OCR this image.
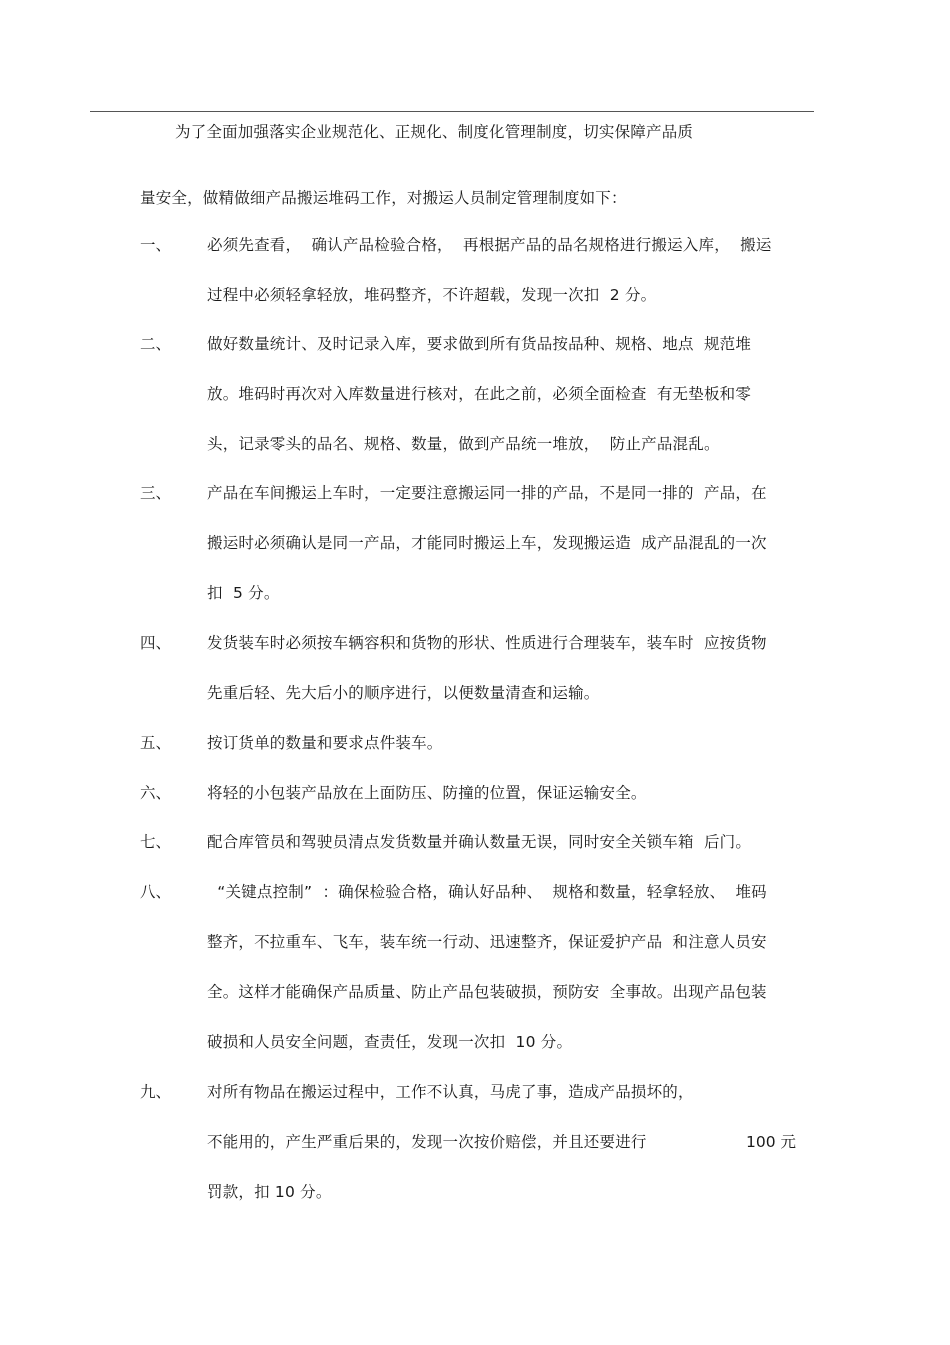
为了全面加强落实企业规范化、正规化、制度化管理制度，切实保障产品质
量安全，做精做细产品搬运堆码工作，对搬运人员制定管理制度如下：
一、 必须先查看，  确认产品检验合格，  再根据产品的品名规格进行搬运入库，  搬运
过程中必须轻拿轻放，堆码整齐，不许超载，发现一次扣  2 分。
二、 做好数量统计、及时记录入库，要求做到所有货品按品种、规格、地点  规范堆
放。堆码时再次对入库数量进行核对，在此之前，必须全面检查  有无垫板和零
头，记录零头的品名、规格、数量，做到产品统一堆放，  防止产品混乱。
三、 产品在车间搬运上车时，一定要注意搬运同一排的产品，不是同一排的  产品，在
搬运时必须确认是同一产品，才能同时搬运上车，发现搬运造  成产品混乱的一次
扣  5 分。
四、 发货装车时必须按车辆容积和货物的形状、性质进行合理装车，装车时  应按货物
先重后轻、先大后小的顺序进行，以便数量清查和运输。
五、 按订货单的数量和要求点件装车。
六、 将轻的小包装产品放在上面防压、防撞的位置，保证运输安全。
七、 配合库管员和驾驶员清点发货数量并确认数量无误，同时安全关锁车箱  后门。
八、 “关键点控制”  ：确保检验合格，确认好品种、  规格和数量，轻拿轻放、  堆码
整齐，不拉重车、飞车，装车统一行动、迅速整齐，保证爱护产品  和注意人员安
全。这样才能确保产品质量、防止产品包装破损，预防安  全事故。出现产品包装
破损和人员安全问题，查责任，发现一次扣  10 分。
九、 对所有物品在搬运过程中，工作不认真，马虎了事，造成产品损坏的，
不能用的，产生严重后果的，发现一次按价赔偿，并且还要进行	100 元
罚款，扣 10 分。
